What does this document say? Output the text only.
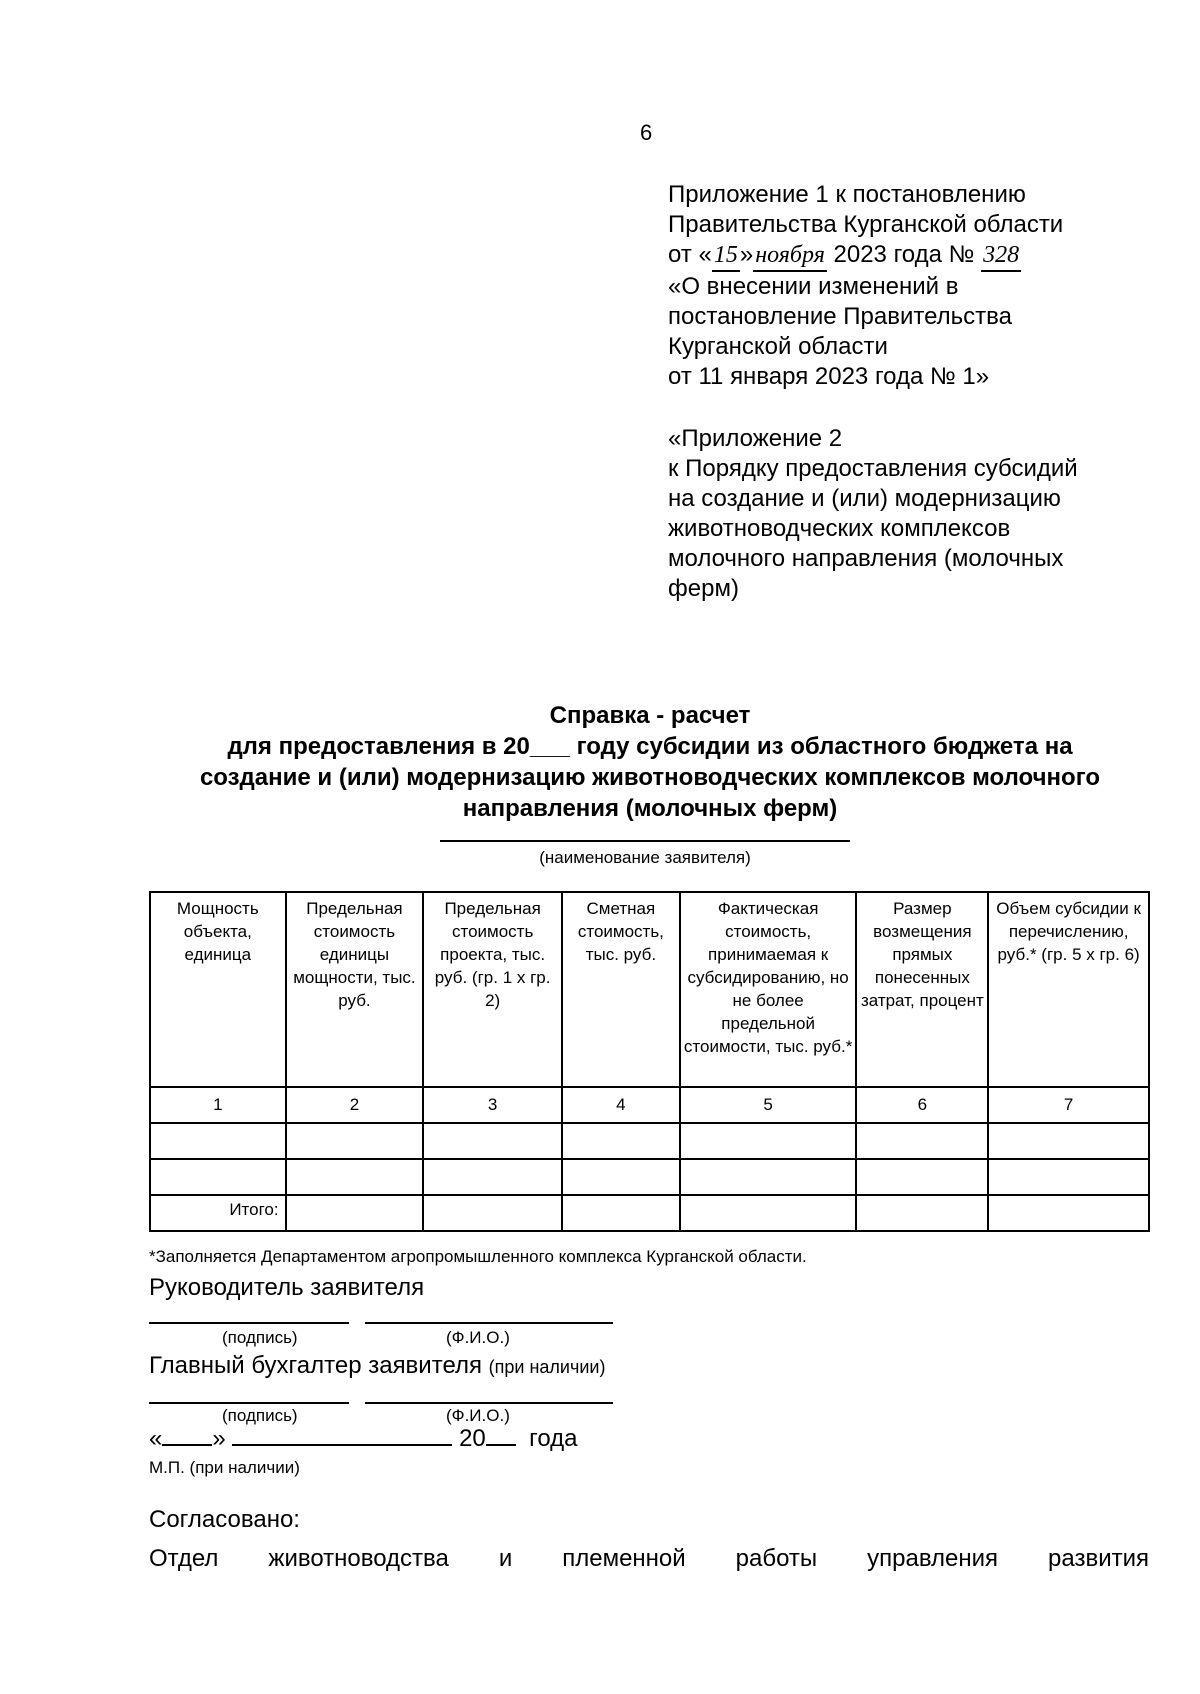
6
Приложение 1 к постановлению
Правительства Курганской области
от «15»ноября 2023 года № 328
«О внесении изменений в
постановление Правительства
Курганской области
от 11 января 2023 года № 1»
«Приложение 2
к Порядку предоставления субсидий
на создание и (или) модернизацию
животноводческих комплексов
молочного направления (молочных
ферм)
Справка - расчет
для предоставления в 20___ году субсидии из областного бюджета на
создание и (или) модернизацию животноводческих комплексов молочного
направления (молочных ферм)
(наименование заявителя)
Мощность объекта, единица	Предельная стоимость единицы мощности, тыс. руб.	Предельная стоимость проекта, тыс. руб. (гр. 1 х гр. 2)	Сметная стоимость, тыс. руб.	Фактическая стоимость, принимаемая к субсидированию, но не более предельной стоимости, тыс. руб.*	Размер возмещения прямых понесенных затрат, процент	Объем субсидии к перечислению, руб.* (гр. 5 х гр. 6)
1	2	3	4	5	6	7

Итого:						
*Заполняется Департаментом агропромышленного комплекса Курганской области.
Руководитель заявителя
(подпись)	(Ф.И.О.)
Главный бухгалтер заявителя (при наличии)
(подпись)	(Ф.И.О.)
« »	20 года
М.П. (при наличии)
Согласовано:
Отдел животноводства и племенной работы управления развития
